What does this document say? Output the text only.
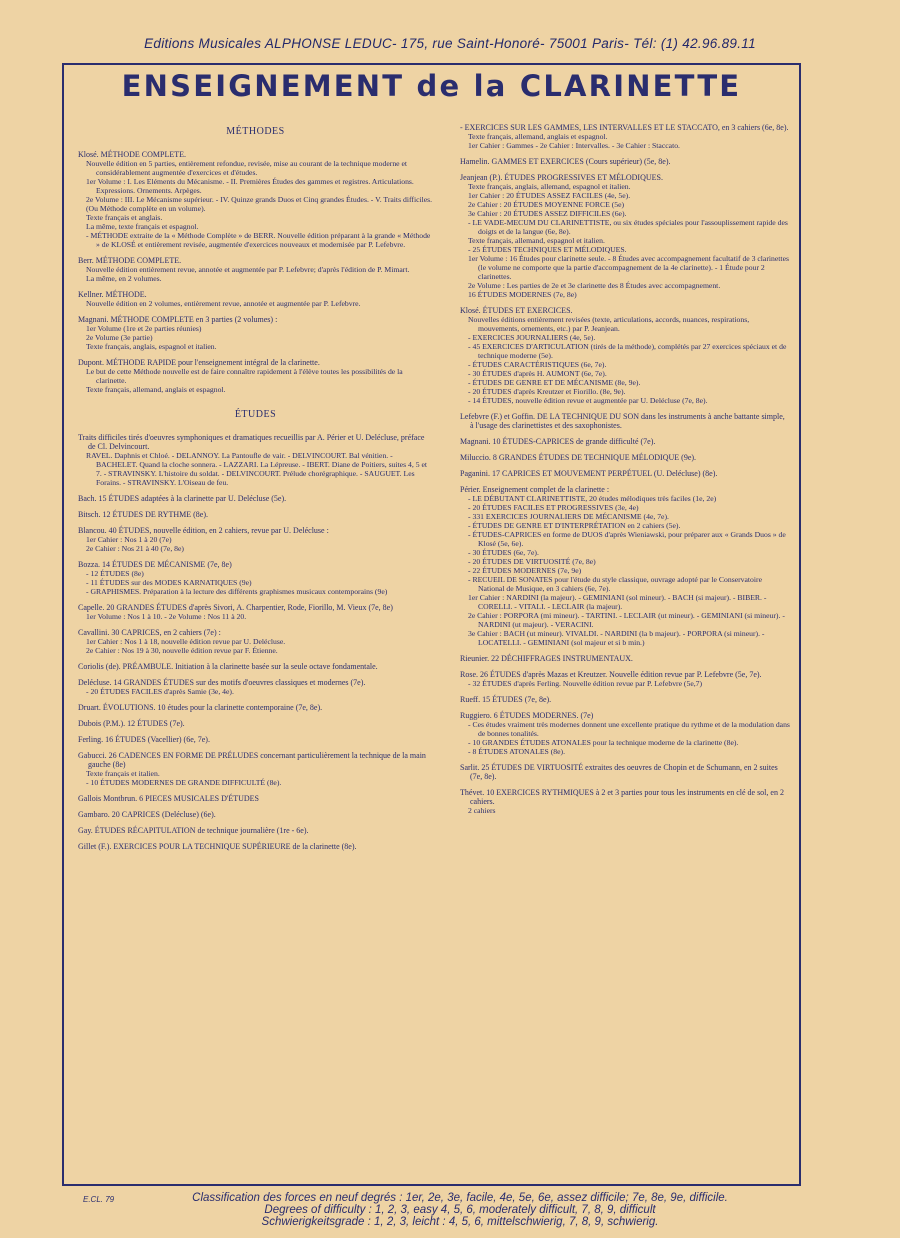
Editions Musicales ALPHONSE LEDUC- 175, rue Saint-Honoré- 75001 Paris- Tél: (1) 42.96.89.11
ENSEIGNEMENT de la CLARINETTE
MÉTHODES
Klosé. MÉTHODE COMPLETE.
Nouvelle édition en 5 parties, entièrement refondue, revisée, mise au courant de la technique moderne et considérablement augmentée d'exercices et d'études.
1er Volume : I. Les Eléments du Mécanisme. - II. Premières Études des gammes et registres. Articulations. Expressions. Ornements. Arpèges.
2e Volume : III. Le Mécanisme supérieur. - IV. Quinze grands Duos et Cinq grandes Études. - V. Traits difficiles.
(Ou Méthode complète en un volume).
Texte français et anglais.
La même, texte français et espagnol.
- MÉTHODE extraite de la « Méthode Complète » de BERR. Nouvelle édition préparant à la grande « Méthode » de KLOSÉ et entièrement revisée, augmentée d'exercices nouveaux et modernisée par P. Lefebvre.
Berr. MÉTHODE COMPLETE.
Nouvelle édition entièrement revue, annotée et augmentée par P. Lefebvre; d'après l'édition de P. Mimart.
La même, en 2 volumes.
Kellner. MÉTHODE.
Nouvelle édition en 2 volumes, entièrement revue, annotée et augmentée par P. Lefebvre.
Magnani. MÉTHODE COMPLETE en 3 parties (2 volumes) :
1er Volume (1re et 2e parties réunies)
2e Volume (3e partie)
Texte français, anglais, espagnol et italien.
Dupont. MÉTHODE RAPIDE pour l'enseignement intégral de la clarinette.
Le but de cette Méthode nouvelle est de faire connaître rapidement à l'élève toutes les possibilités de la clarinette.
Texte français, allemand, anglais et espagnol.
ÉTUDES
Traits difficiles tirés d'oeuvres symphoniques et dramatiques recueillis par A. Périer et U. Delécluse, préface de Cl. Delvincourt.
RAVEL. Daphnis et Chloé. - DELANNOY. La Pantoufle de vair. - DELVINCOURT. Bal vénitien. - BACHELET. Quand la cloche sonnera. - LAZZARI. La Lépreuse. - IBERT. Diane de Poitiers, suites 4, 5 et 7. - STRAVINSKY. L'histoire du soldat. - DELVINCOURT. Prélude chorégraphique. - SAUGUET. Les Forains. - STRAVINSKY. L'Oiseau de feu.
Bach. 15 ÉTUDES adaptées à la clarinette par U. Delécluse (5e).
Bitsch. 12 ÉTUDES DE RYTHME (8e).
Blancou. 40 ÉTUDES, nouvelle édition, en 2 cahiers, revue par U. Delécluse :
1er Cahier : Nos 1 à 20 (7e)
2e Cahier : Nos 21 à 40 (7e, 8e)
Bozza. 14 ÉTUDES DE MÉCANISME (7e, 8e)
- 12 ÉTUDES (8e)
- 11 ÉTUDES sur des MODES KARNATIQUES (9e)
- GRAPHISMES. Préparation à la lecture des différents graphismes musicaux contemporains (9e)
Capelle. 20 GRANDES ÉTUDES d'après Sivori, A. Charpentier, Rode, Fiorillo, M. Vieux (7e, 8e)
1er Volume : Nos 1 à 10. - 2e Volume : Nos 11 à 20.
Cavallini. 30 CAPRICES, en 2 cahiers (7e) :
1er Cahier : Nos 1 à 18, nouvelle édition revue par U. Delécluse.
2e Cahier : Nos 19 à 30, nouvelle édition revue par F. Étienne.
Coriolis (de). PRÉAMBULE. Initiation à la clarinette basée sur la seule octave fondamentale.
Delécluse. 14 GRANDES ÉTUDES sur des motifs d'oeuvres classiques et modernes (7e).
- 20 ÉTUDES FACILES d'après Samie (3e, 4e).
Druart. ÉVOLUTIONS. 10 études pour la clarinette contemporaine (7e, 8e).
Dubois (P.M.). 12 ÉTUDES (7e).
Ferling. 16 ÉTUDES (Vacellier) (6e, 7e).
Gabucci. 26 CADENCES EN FORME DE PRÉLUDES concernant particulièrement la technique de la main gauche (8e)
Texte français et italien.
- 10 ÉTUDES MODERNES DE GRANDE DIFFICULTÉ (8e).
Gallois Montbrun. 6 PIECES MUSICALES D'ÉTUDES
Gambaro. 20 CAPRICES (Delécluse) (6e).
Gay. ÉTUDES RÉCAPITULATION de technique journalière (1re - 6e).
Gillet (F.). EXERCICES POUR LA TECHNIQUE SUPÉRIEURE de la clarinette (8e).
- EXERCICES SUR LES GAMMES, LES INTERVALLES ET LE STACCATO, en 3 cahiers (6e, 8e).
Texte français, allemand, anglais et espagnol.
1er Cahier : Gammes - 2e Cahier : Intervalles. - 3e Cahier : Staccato.
Hamelin. GAMMES ET EXERCICES (Cours supérieur) (5e, 8e).
Jeanjean (P.). ÉTUDES PROGRESSIVES ET MÉLODIQUES.
Texte français, anglais, allemand, espagnol et italien.
1er Cahier : 20 ÉTUDES ASSEZ FACILES (4e, 5e).
2e Cahier : 20 ÉTUDES MOYENNE FORCE (5e)
3e Cahier : 20 ÉTUDES ASSEZ DIFFICILES (6e).
- LE VADE-MECUM DU CLARINETTISTE, ou six études spéciales pour l'assouplissement rapide des doigts et de la langue (6e, 8e).
Texte français, allemand, espagnol et italien.
- 25 ÉTUDES TECHNIQUES ET MÉLODIQUES.
1er Volume : 16 Études pour clarinette seule. - 8 Études avec accompagnement facultatif de 3 clarinettes (le volume ne comporte que la partie d'accompagnement de la 4e clarinette). - 1 Étude pour 2 clarinettes.
2e Volume : Les parties de 2e et 3e clarinette des 8 Études avec accompagnement.
16 ÉTUDES MODERNES (7e, 8e)
Klosé. ÉTUDES ET EXERCICES.
Nouvelles éditions entièrement revisées (texte, articulations, accords, nuances, respirations, mouvements, ornements, etc.) par P. Jeanjean.
- EXERCICES JOURNALIERS (4e, 5e).
- 45 EXERCICES D'ARTICULATION (tirés de la méthode), complétés par 27 exercices spéciaux et de technique moderne (5e).
- ÉTUDES CARACTÉRISTIQUES (6e, 7e).
- 30 ÉTUDES d'après H. AUMONT (6e, 7e).
- ÉTUDES DE GENRE ET DE MÉCANISME (8e, 9e).
- 20 ÉTUDES d'après Kreutzer et Fiorillo. (8e, 9e).
- 14 ÉTUDES, nouvelle édition revue et augmentée par U. Delécluse (7e, 8e).
Lefebvre (F.) et Goffin. DE LA TECHNIQUE DU SON dans les instruments à anche battante simple, à l'usage des clarinettistes et des saxophonistes.
Magnani. 10 ÉTUDES-CAPRICES de grande difficulté (7e).
Miluccio. 8 GRANDES ÉTUDES DE TECHNIQUE MÉLODIQUE (9e).
Paganini. 17 CAPRICES ET MOUVEMENT PERPÉTUEL (U. Delécluse) (8e).
Périer. Enseignement complet de la clarinette :
- LE DÉBUTANT CLARINETTISTE, 20 études mélodiques très faciles (1e, 2e)
- 20 ÉTUDES FACILES ET PROGRESSIVES (3e, 4e)
- 331 EXERCICES JOURNALIERS DE MÉCANISME (4e, 7e).
- ÉTUDES DE GENRE ET D'INTERPRÉTATION en 2 cahiers (5e).
- ÉTUDES-CAPRICES en forme de DUOS d'après Wieniawski, pour préparer aux « Grands Duos » de Klosé (5e, 6e).
- 30 ÉTUDES (6e, 7e).
- 20 ÉTUDES DE VIRTUOSITÉ (7e, 8e)
- 22 ÉTUDES MODERNES (7e, 9e)
- RECUEIL DE SONATES pour l'étude du style classique, ouvrage adopté par le Conservatoire National de Musique, en 3 cahiers (6e, 7e).
1er Cahier : NARDINI (la majeur). - GEMINIANI (sol mineur). - BACH (si majeur). - BIBER. - CORELLI. - VITALI. - LECLAIR (la majeur).
2e Cahier : PORPORA (mi mineur). - TARTINI. - LECLAIR (ut mineur). - GEMINIANI (si mineur). - NARDINI (ut majeur). - VERACINI.
3e Cahier : BACH (ut mineur). VIVALDI. - NARDINI (la b majeur). - PORPORA (si mineur). - LOCATELLI. - GEMINIANI (sol majeur et si b min.)
Rieunier. 22 DÉCHIFFRAGES INSTRUMENTAUX.
Rose. 26 ÉTUDES d'après Mazas et Kreutzer. Nouvelle édition revue par P. Lefebvre (5e, 7e).
- 32 ÉTUDES d'après Ferling. Nouvelle édition revue par P. Lefebvre (5e,7)
Rueff. 15 ÉTUDES (7e, 8e).
Ruggiero. 6 ÉTUDES MODERNES. (7e)
- Ces études vraiment très modernes donnent une excellente pratique du rythme et de la modulation dans de bonnes tonalités.
- 10 GRANDES ÉTUDES ATONALES pour la technique moderne de la clarinette (8e).
- 8 ÉTUDES ATONALES (8e).
Sarlit. 25 ÉTUDES DE VIRTUOSITÉ extraites des oeuvres de Chopin et de Schumann, en 2 suites (7e, 8e).
Thévet. 10 EXERCICES RYTHMIQUES à 2 et 3 parties pour tous les instruments en clé de sol, en 2 cahiers.
2 cahiers
E.CL. 79	Classification des forces en neuf degrés : 1er, 2e, 3e, facile, 4e, 5e, 6e, assez difficile; 7e, 8e, 9e, difficile.
Degrees of difficulty : 1, 2, 3, easy 4, 5, 6, moderately difficult, 7, 8, 9, difficult
Schwierigkeitsgrade : 1, 2, 3, leicht : 4, 5, 6, mittelschwierig, 7, 8, 9, schwierig.
